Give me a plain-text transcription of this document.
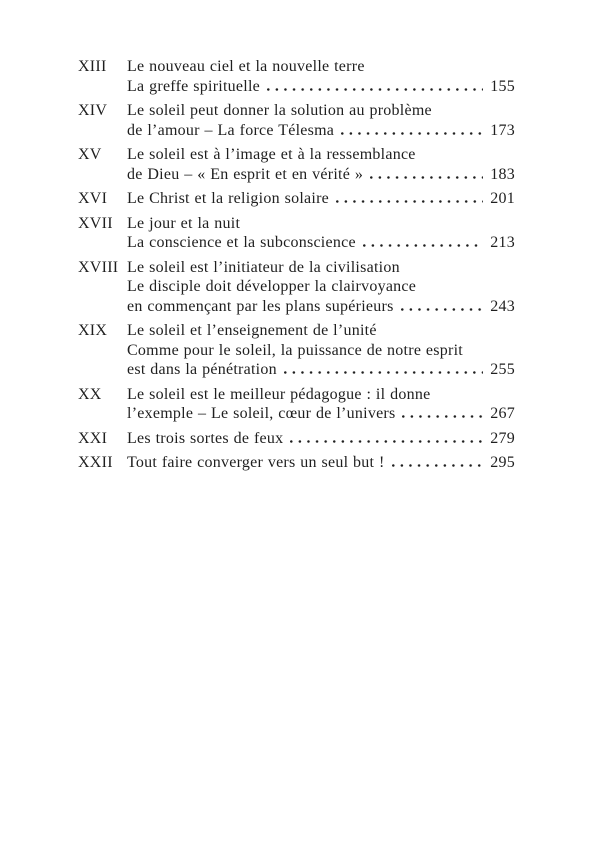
XIII	Le nouveau ciel et la nouvelle terre
La greffe spirituelle	155
XIV	Le soleil peut donner la solution au problème
de l’amour – La force Télesma	173
XV	Le soleil est à l’image et à la ressemblance
de Dieu – « En esprit et en vérité »	183
XVI	Le Christ et la religion solaire	201
XVII Le jour et la nuit
La conscience et la subconscience	213
XVIII Le soleil est l’initiateur de la civilisation
Le disciple doit développer la clairvoyance
en commençant par les plans supérieurs	243
XIX	Le soleil et l’enseignement de l’unité
Comme pour le soleil, la puissance de notre esprit
est dans la pénétration	255
XX	Le soleil est le meilleur pédagogue : il donne
l’exemple – Le soleil, cœur de l’univers	267
XXI	Les trois sortes de feux	279
XXII Tout faire converger vers un seul but !	295
